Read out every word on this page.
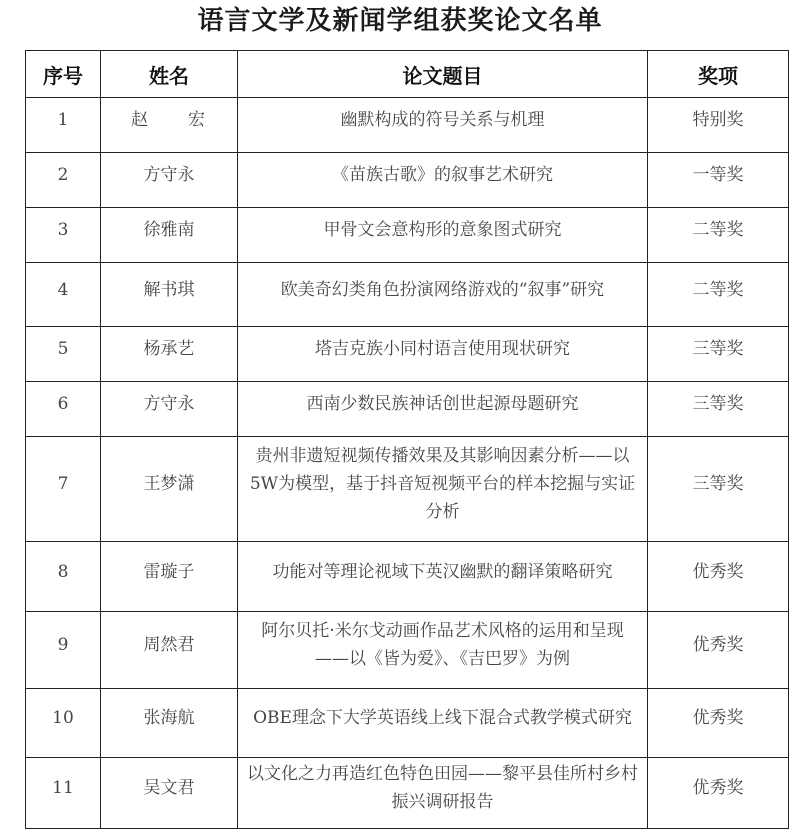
语言文学及新闻学组获奖论文名单
序号	姓名	论文题目	奖项
1	赵　　宏	幽默构成的符号关系与机理	特别奖
2	方守永	《苗族古歌》的叙事艺术研究	一等奖
3	徐雅南	甲骨文会意构形的意象图式研究	二等奖
4	解书琪	欧美奇幻类角色扮演网络游戏的“叙事”研究	二等奖
5	杨承艺	塔吉克族小同村语言使用现状研究	三等奖
6	方守永	西南少数民族神话创世起源母题研究	三等奖
7	王梦潇	贵州非遗短视频传播效果及其影响因素分析——以5W为模型，基于抖音短视频平台的样本挖掘与实证分析	三等奖
8	雷璇子	功能对等理论视域下英汉幽默的翻译策略研究	优秀奖
9	周然君	阿尔贝托·米尔戈动画作品艺术风格的运用和呈现——以《皆为爱》、《吉巴罗》为例	优秀奖
10	张海航	OBE理念下大学英语线上线下混合式教学模式研究	优秀奖
11	吴文君	以文化之力再造红色特色田园——黎平县佳所村乡村振兴调研报告	优秀奖
